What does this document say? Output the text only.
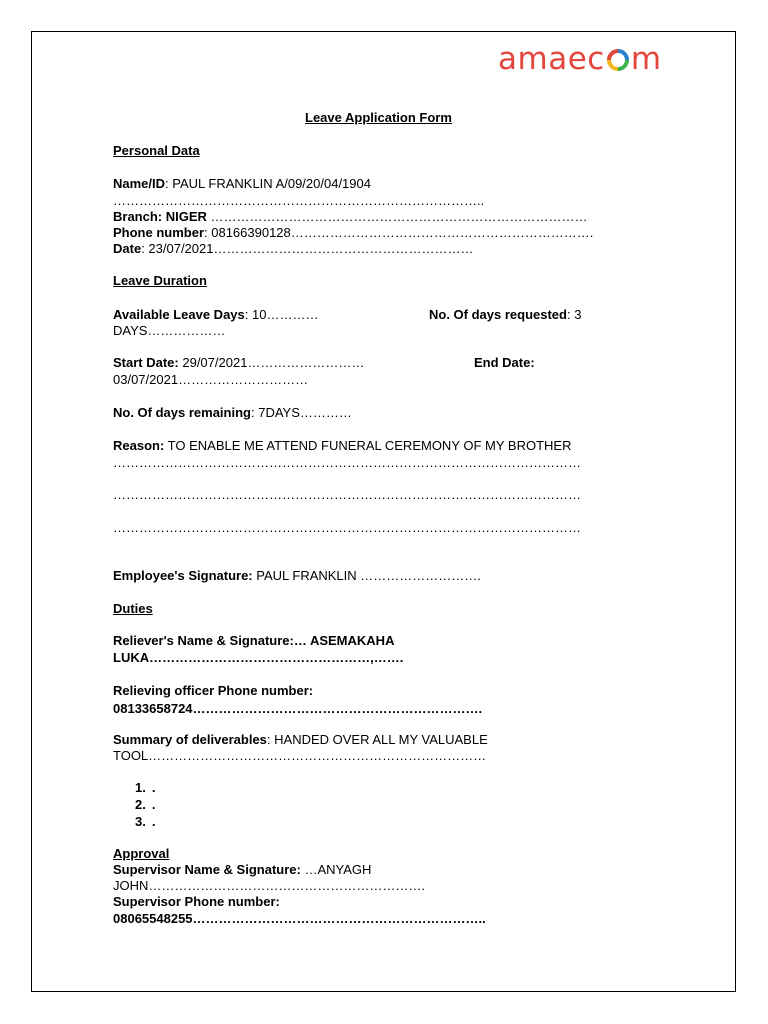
amaec m
Leave Application Form
Personal Data
Name/ID: PAUL FRANKLIN A/09/20/04/1904
…………………………………………………………………………..
Branch: NIGER ……………………………………………………………………………
Phone number: 08166390128…………………………………………………………….
Date: 23/07/2021……………………………………………………
Leave Duration
Available Leave Days: 10…………	No. Of days requested: 3
DAYS………………
Start Date: 29/07/2021………………………	End Date:
03/07/2021…………………………
No. Of days remaining: 7DAYS…………
Reason: TO ENABLE ME ATTEND FUNERAL CEREMONY OF MY BROTHER
………………………………………………………………………………………………
………………………………………………………………………………………………
………………………………………………………………………………………………
Employee's Signature: PAUL FRANKLIN ……………………….
Duties
Reliever's Name & Signature:… ASEMAKAHA
LUKA……………………………………………,…….
Relieving officer Phone number:
08133658724………………………………………………………….
Summary of deliverables: HANDED OVER ALL MY VALUABLE
TOOL……………………………………………………………………
1. .
2. .
3. .
Approval
Supervisor Name & Signature: …ANYAGH
JOHN……………………………………………………….
Supervisor Phone number:
08065548255…………………………………………………………..
